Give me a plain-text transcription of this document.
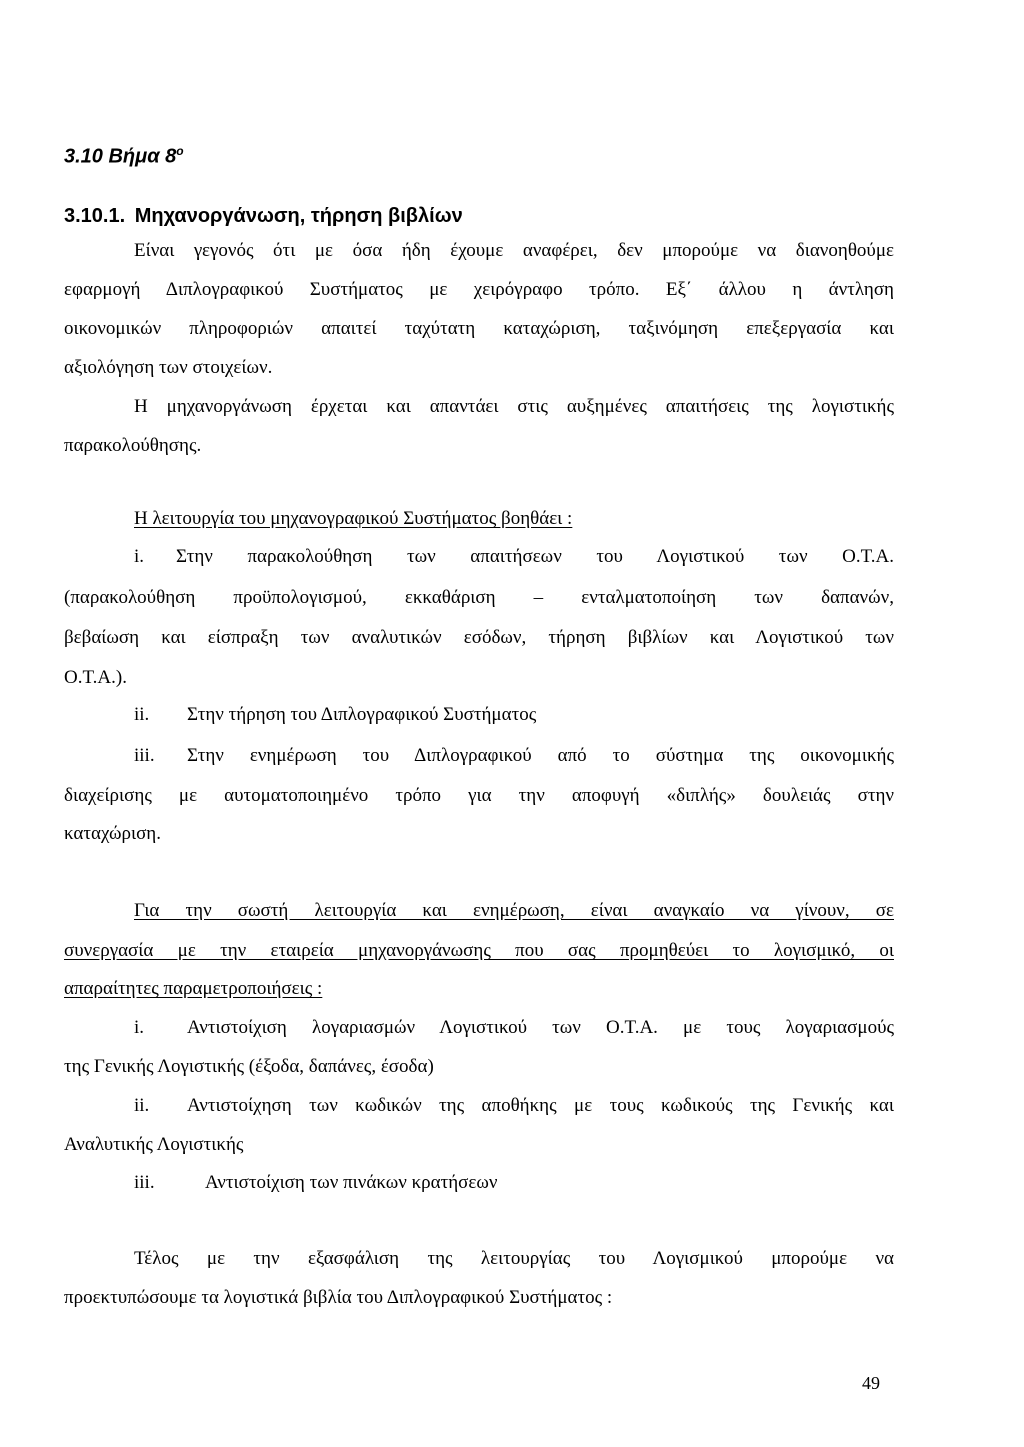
3.10 Βήμα $8^o$
3.10.1. Μηχανοργάνωση, τήρηση βιβλίων
Είναι γεγονός ότι με όσα ήδη έχουμε αναφέρει, δεν μπορούμε να διανοηθούμε
εφαρμογή Διπλογραφικού Συστήματος με χειρόγραφο τρόπο. Εξ΄ άλλου η άντληση
οικονομικών πληροφοριών απαιτεί ταχύτατη καταχώριση, ταξινόμηση επεξεργασία και
αξιολόγηση των στοιχείων.
Η μηχανοργάνωση έρχεται και απαντάει στις αυξημένες απαιτήσεις της λογιστικής
παρακολούθησης.
Η λειτουργία του μηχανογραφικού Συστήματος βοηθάει :
i. Στην παρακολούθηση των απαιτήσεων του Λογιστικού των Ο.Τ.Α.
(παρακολούθηση προϋπολογισμού, εκκαθάριση – ενταλματοποίηση των δαπανών,
βεβαίωση και είσπραξη των αναλυτικών εσόδων, τήρηση βιβλίων και Λογιστικού των
Ο.Τ.Α.).
ii. Στην τήρηση του Διπλογραφικού Συστήματος
iii. Στην ενημέρωση του Διπλογραφικού από το σύστημα της οικονομικής
διαχείρισης με αυτοματοποιημένο τρόπο για την αποφυγή «διπλής» δουλειάς στην
καταχώριση.
Για την σωστή λειτουργία και ενημέρωση, είναι αναγκαίο να γίνουν, σε
συνεργασία με την εταιρεία μηχανοργάνωσης που σας προμηθεύει το λογισμικό, οι
απαραίτητες παραμετροποιήσεις :
i. Αντιστοίχιση λογαριασμών Λογιστικού των Ο.Τ.Α. με τους λογαριασμούς
της Γενικής Λογιστικής (έξοδα, δαπάνες, έσοδα)
ii. Αντιστοίχηση των κωδικών της αποθήκης με τους κωδικούς της Γενικής και
Αναλυτικής Λογιστικής
iii.	Αντιστοίχιση των πινάκων κρατήσεων
Τέλος με την εξασφάλιση της λειτουργίας του Λογισμικού μπορούμε να
προεκτυπώσουμε τα λογιστικά βιβλία του Διπλογραφικού Συστήματος :
49
